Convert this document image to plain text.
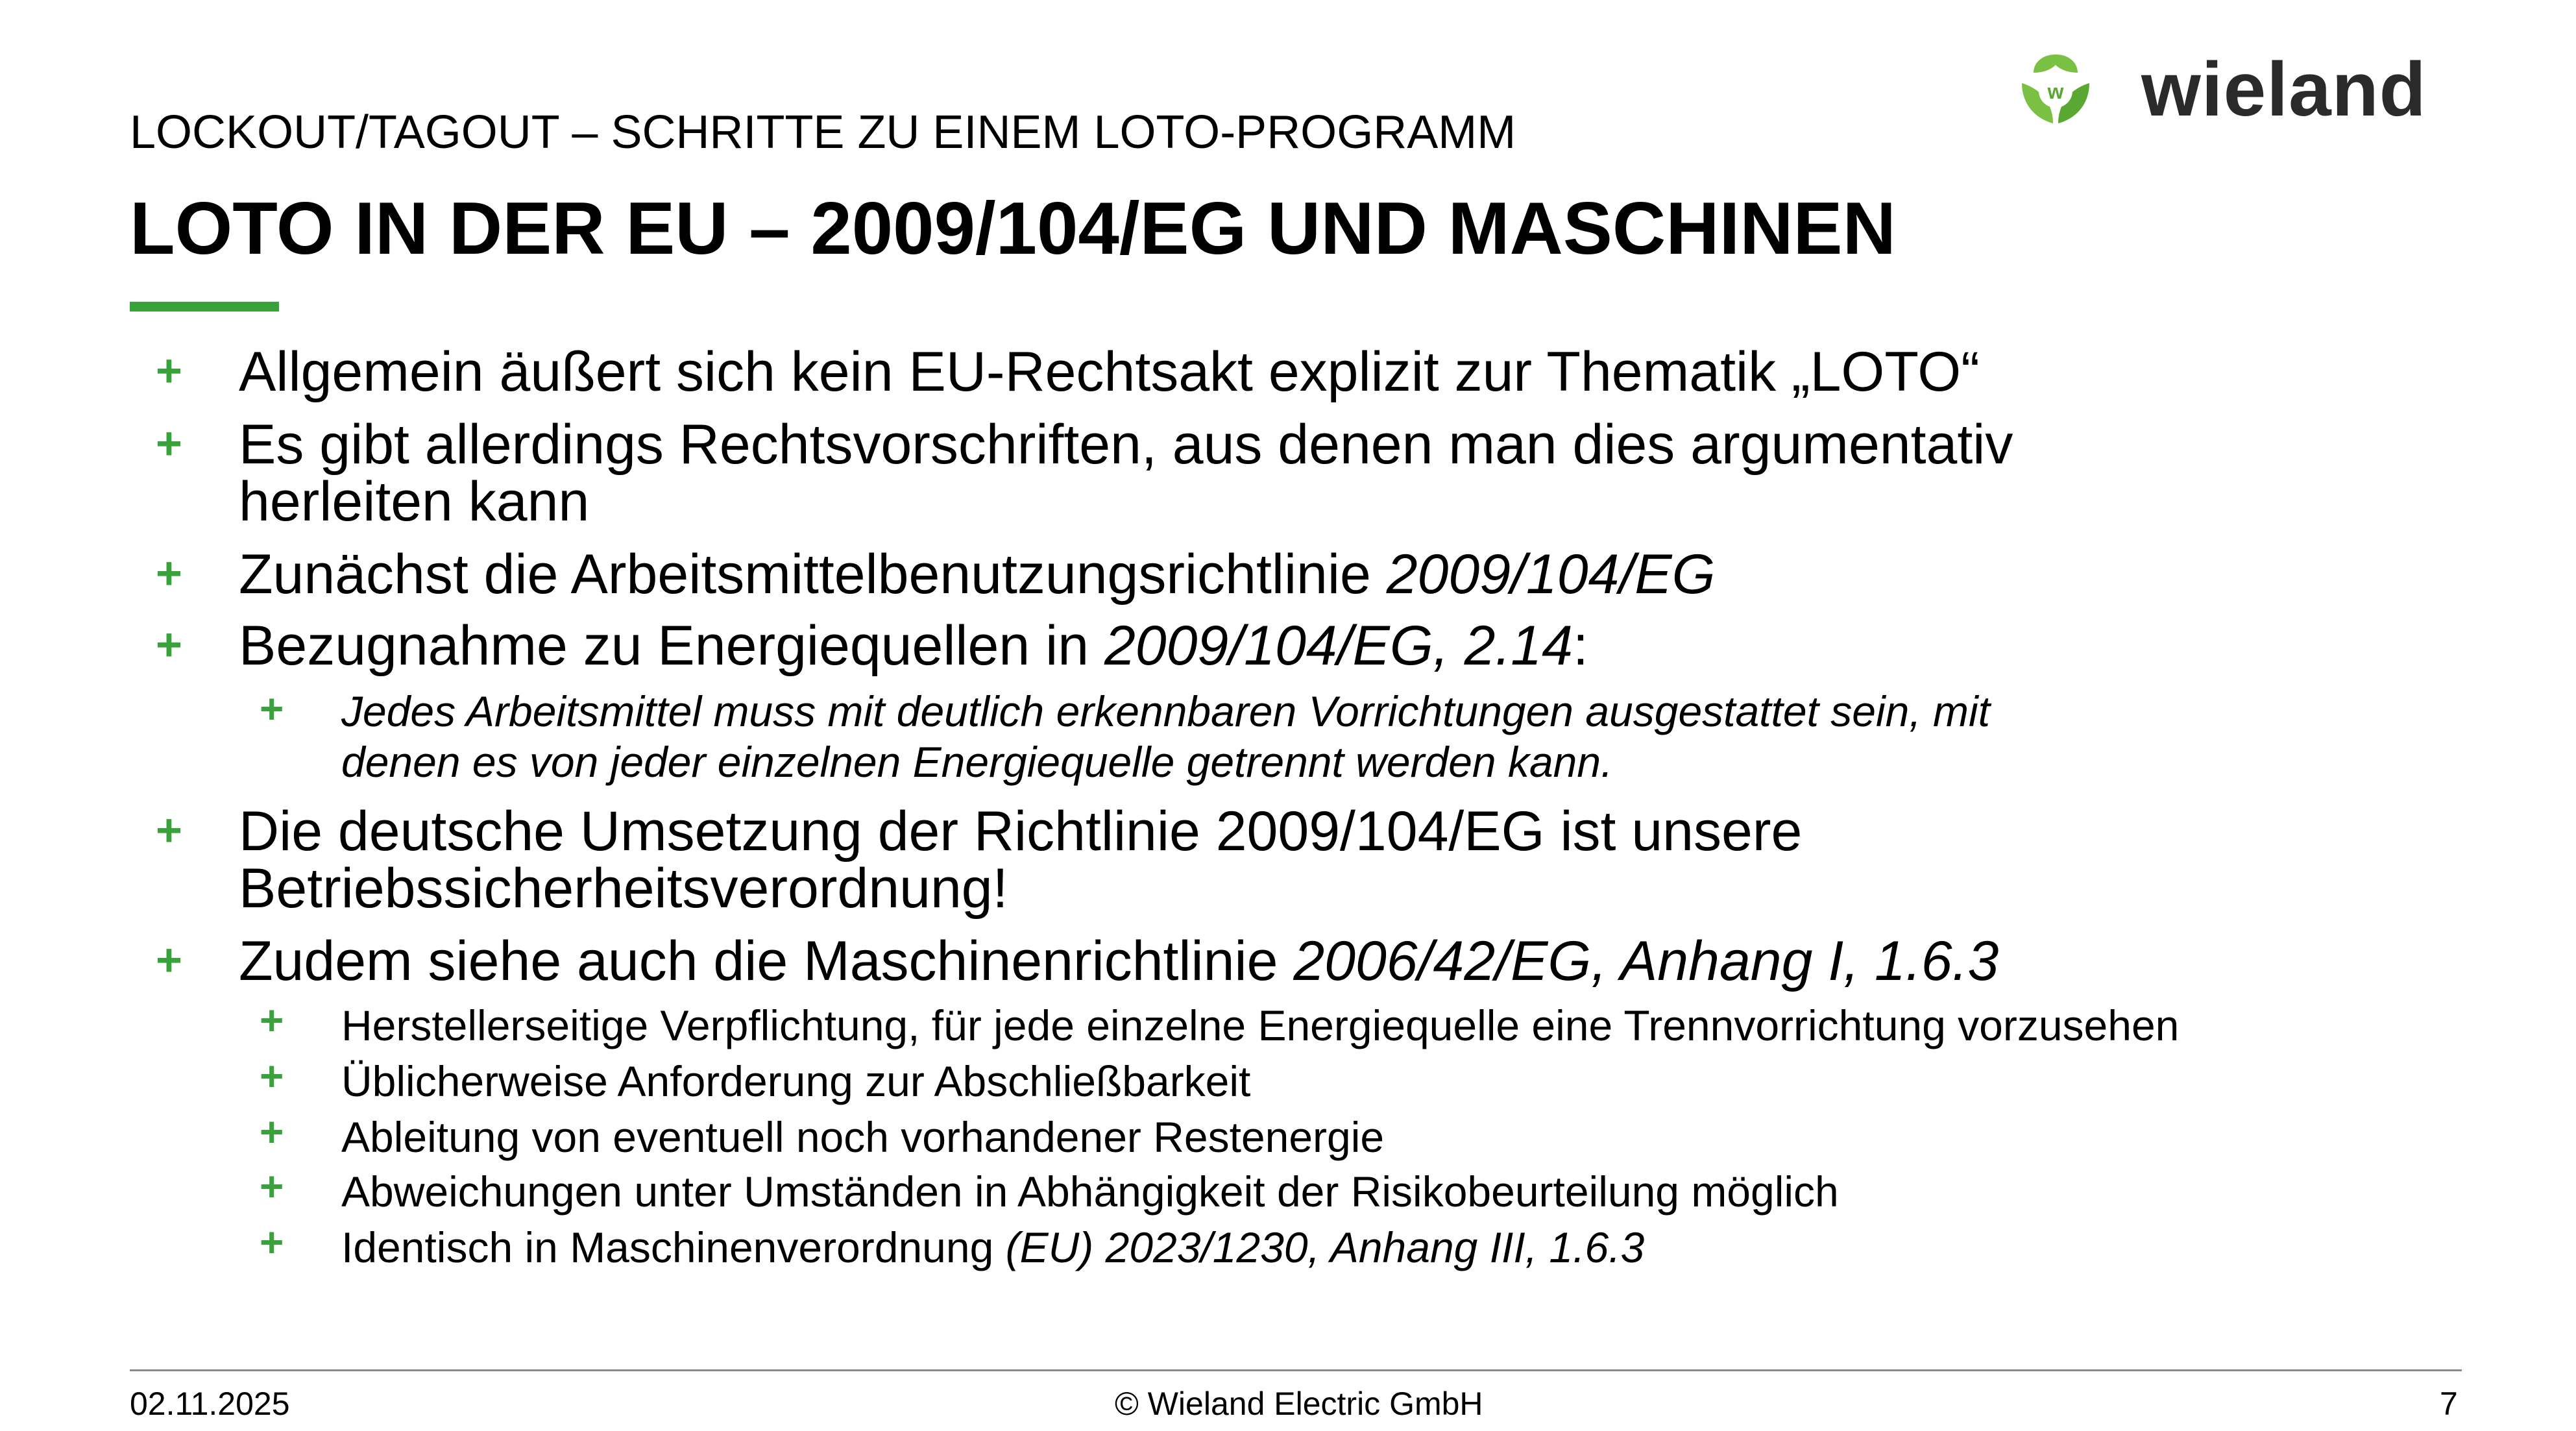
w wieland
LOCKOUT/TAGOUT – SCHRITTE ZU EINEM LOTO-PROGRAMM
LOTO IN DER EU – 2009/104/EG UND MASCHINEN
+ Allgemein äußert sich kein EU-Rechtsakt explizit zur Thematik „LOTO“
+ Es gibt allerdings Rechtsvorschriften, aus denen man dies argumentativ
herleiten kann
+ Zunächst die Arbeitsmittelbenutzungsrichtlinie 2009/104/EG
+ Bezugnahme zu Energiequellen in 2009/104/EG, 2.14:
+ Jedes Arbeitsmittel muss mit deutlich erkennbaren Vorrichtungen ausgestattet sein, mit
denen es von jeder einzelnen Energiequelle getrennt werden kann.
+ Die deutsche Umsetzung der Richtlinie 2009/104/EG ist unsere
Betriebssicherheitsverordnung!
+ Zudem siehe auch die Maschinenrichtlinie 2006/42/EG, Anhang I, 1.6.3
+ Herstellerseitige Verpflichtung, für jede einzelne Energiequelle eine Trennvorrichtung vorzusehen
+ Üblicherweise Anforderung zur Abschließbarkeit
+ Ableitung von eventuell noch vorhandener Restenergie
+ Abweichungen unter Umständen in Abhängigkeit der Risikobeurteilung möglich
+ Identisch in Maschinenverordnung (EU) 2023/1230, Anhang III, 1.6.3
02.11.2025	© Wieland Electric GmbH	7
